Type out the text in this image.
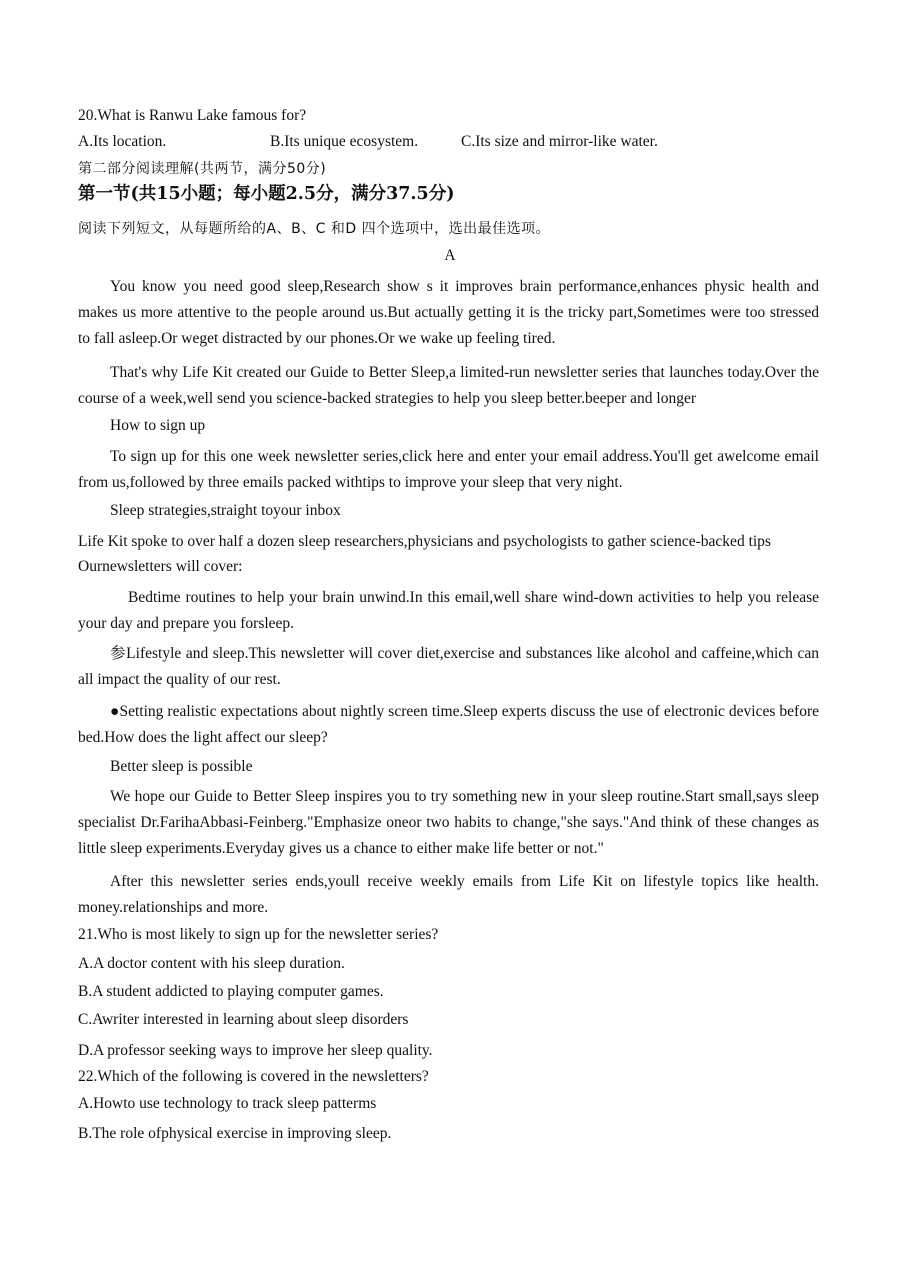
20.What is Ranwu Lake famous for?
A.Its location.	B.Its unique ecosystem.	C.Its size and mirror-like water.
第二部分阅读理解(共两节，满分50分)
第一节(共15小题；每小题2.5分，满分37.5分)
阅读下列短文，从每题所给的A、B、C 和D 四个选项中，选出最佳选项。
A
You know you need good sleep,Research show s it improves brain performance,enhances physic health and makes us more attentive to the people around us.But actually getting it is the tricky part,Sometimes were too stressed to fall asleep.Or weget distracted by our phones.Or we wake up feeling tired.
That's why Life Kit created our Guide to Better Sleep,a limited-run newsletter series that launches today.Over the course of a week,well send you science-backed strategies to help you sleep better.beeper and longer
How to sign up
To sign up for this one week newsletter series,click here and enter your email address.You'll get awelcome email from us,followed by three emails packed withtips to improve your sleep that very night.
Sleep strategies,straight toyour inbox
Life Kit spoke to over half a dozen sleep researchers,physicians and psychologists to gather science-backed tips
Ournewsletters will cover:
Bedtime routines to help your brain unwind.In this email,well share wind-down activities to help you release your day and prepare you forsleep.
参Lifestyle and sleep.This newsletter will cover diet,exercise and substances like alcohol and caffeine,which can all impact the quality of our rest.
●Setting realistic expectations about nightly screen time.Sleep experts discuss the use of electronic devices before bed.How does the light affect our sleep?
Better sleep is possible
We hope our Guide to Better Sleep inspires you to try something new in your sleep routine.Start small,says sleep specialist Dr.FarihaAbbasi-Feinberg."Emphasize oneor two habits to change,"she says."And think of these changes as little sleep experiments.Everyday gives us a chance to either make life better or not."
After this newsletter series ends,youll receive weekly emails from Life Kit on lifestyle topics like health. money.relationships and more.
21.Who is most likely to sign up for the newsletter series?
A.A doctor content with his sleep duration.
B.A student addicted to playing computer games.
C.Awriter interested in learning about sleep disorders
D.A professor seeking ways to improve her sleep quality.
22.Which of the following is covered in the newsletters?
A.Howto use technology to track sleep patterms
B.The role ofphysical exercise in improving sleep.
